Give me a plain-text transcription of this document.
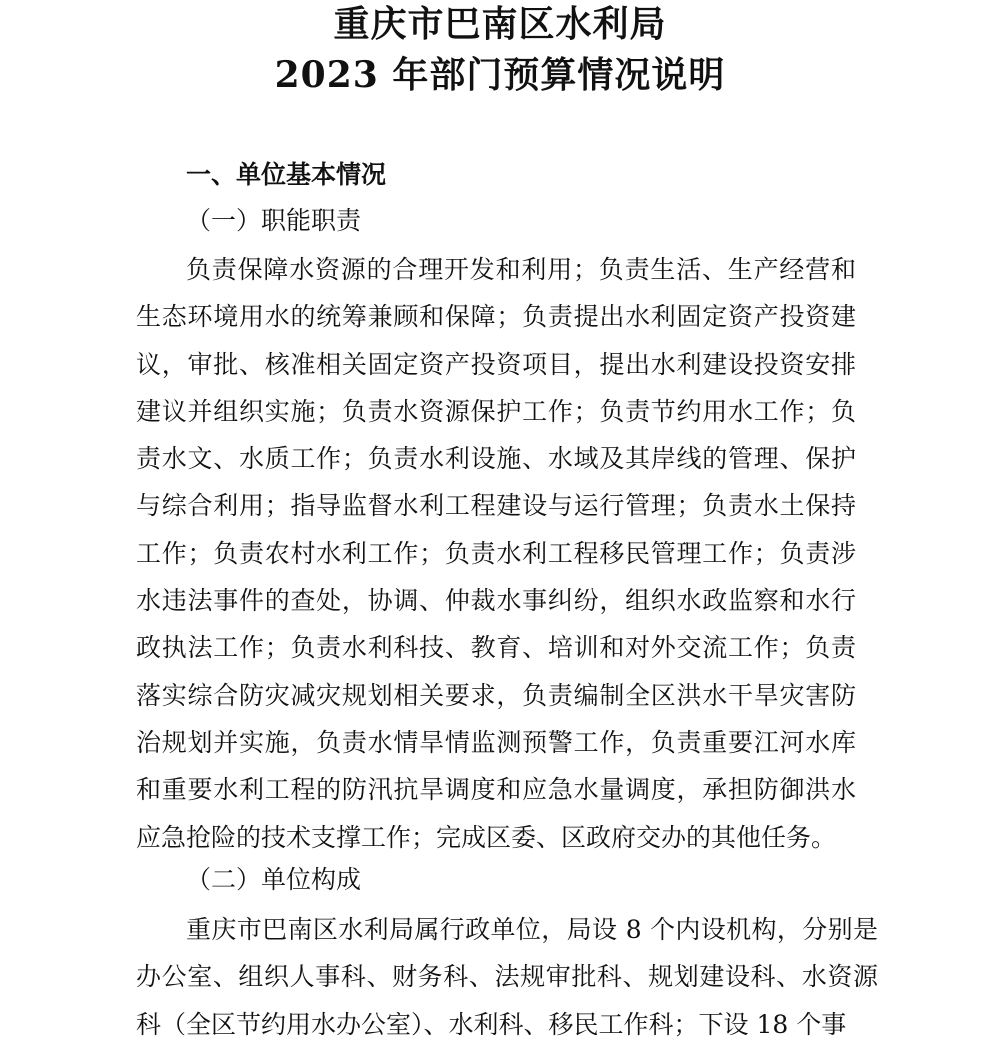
重庆市巴南区水利局
2023 年部门预算情况说明
一、单位基本情况
（一）职能职责

负责保障水资源的合理开发和利用；负责生活、生产经营和生态环境用水的统筹兼顾和保障；负责提出水利固定资产投资建议，审批、核准相关固定资产投资项目，提出水利建设投资安排建议并组织实施；负责水资源保护工作；负责节约用水工作；负责水文、水质工作；负责水利设施、水域及其岸线的管理、保护与综合利用；指导监督水利工程建设与运行管理；负责水土保持工作；负责农村水利工作；负责水利工程移民管理工作；负责涉水违法事件的查处，协调、仲裁水事纠纷，组织水政监察和水行政执法工作；负责水利科技、教育、培训和对外交流工作；负责落实综合防灾减灾规划相关要求，负责编制全区洪水干旱灾害防治规划并实施，负责水情旱情监测预警工作，负责重要江河水库和重要水利工程的防汛抗旱调度和应急水量调度，承担防御洪水应急抢险的技术支撑工作；完成区委、区政府交办的其他任务。

（二）单位构成

重庆市巴南区水利局属行政单位，局设 8 个内设机构，分别是办公室、组织人事科、财务科、法规审批科、规划建设科、水资源科（全区节约用水办公室）、水利科、移民工作科；下设 18 个事
